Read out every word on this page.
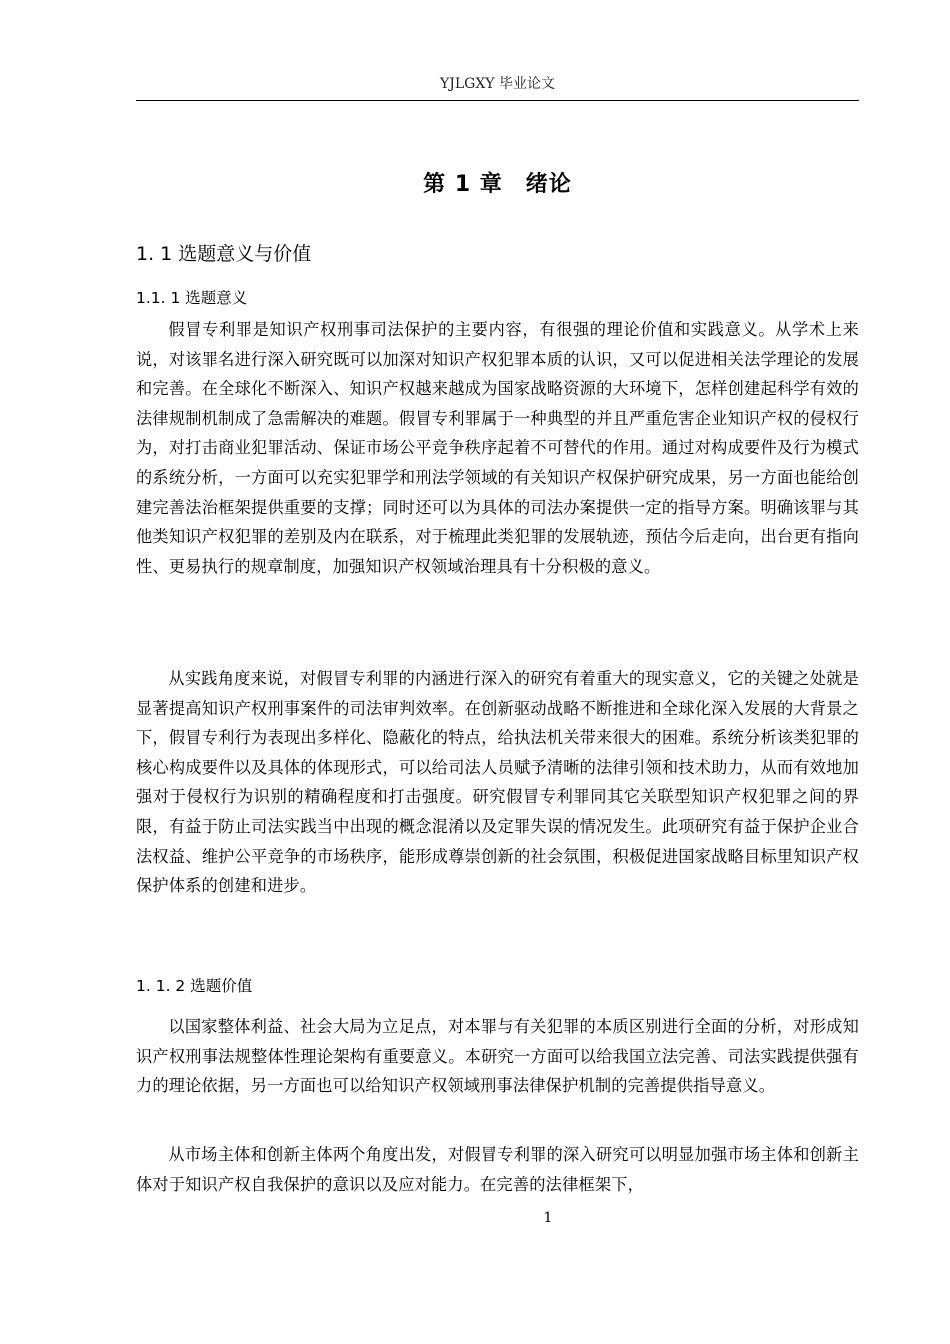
YJLGXY 毕业论文
第 1 章　绪论
1. 1 选题意义与价值
1.1. 1 选题意义

假冒专利罪是知识产权刑事司法保护的主要内容，有很强的理论价值和实践意义。从学术上来说，对该罪名进行深入研究既可以加深对知识产权犯罪本质的认识，又可以促进相关法学理论的发展和完善。在全球化不断深入、知识产权越来越成为国家战略资源的大环境下，怎样创建起科学有效的法律规制机制成了急需解决的难题。假冒专利罪属于一种典型的并且严重危害企业知识产权的侵权行为，对打击商业犯罪活动、保证市场公平竞争秩序起着不可替代的作用。通过对构成要件及行为模式的系统分析，一方面可以充实犯罪学和刑法学领域的有关知识产权保护研究成果，另一方面也能给创建完善法治框架提供重要的支撑；同时还可以为具体的司法办案提供一定的指导方案。明确该罪与其他类知识产权犯罪的差别及内在联系，对于梳理此类犯罪的发展轨迹，预估今后走向，出台更有指向性、更易执行的规章制度，加强知识产权领域治理具有十分积极的意义。

从实践角度来说，对假冒专利罪的内涵进行深入的研究有着重大的现实意义，它的关键之处就是显著提高知识产权刑事案件的司法审判效率。在创新驱动战略不断推进和全球化深入发展的大背景之下，假冒专利行为表现出多样化、隐蔽化的特点，给执法机关带来很大的困难。系统分析该类犯罪的核心构成要件以及具体的体现形式，可以给司法人员赋予清晰的法律引领和技术助力，从而有效地加强对于侵权行为识别的精确程度和打击强度。研究假冒专利罪同其它关联型知识产权犯罪之间的界限，有益于防止司法实践当中出现的概念混淆以及定罪失误的情况发生。此项研究有益于保护企业合法权益、维护公平竞争的市场秩序，能形成尊崇创新的社会氛围，积极促进国家战略目标里知识产权保护体系的创建和进步。

1. 1. 2 选题价值

以国家整体利益、社会大局为立足点，对本罪与有关犯罪的本质区别进行全面的分析，对形成知识产权刑事法规整体性理论架构有重要意义。本研究一方面可以给我国立法完善、司法实践提供强有力的理论依据，另一方面也可以给知识产权领域刑事法律保护机制的完善提供指导意义。

从市场主体和创新主体两个角度出发，对假冒专利罪的深入研究可以明显加强市场主体和创新主体对于知识产权自我保护的意识以及应对能力。在完善的法律框架下，

1
